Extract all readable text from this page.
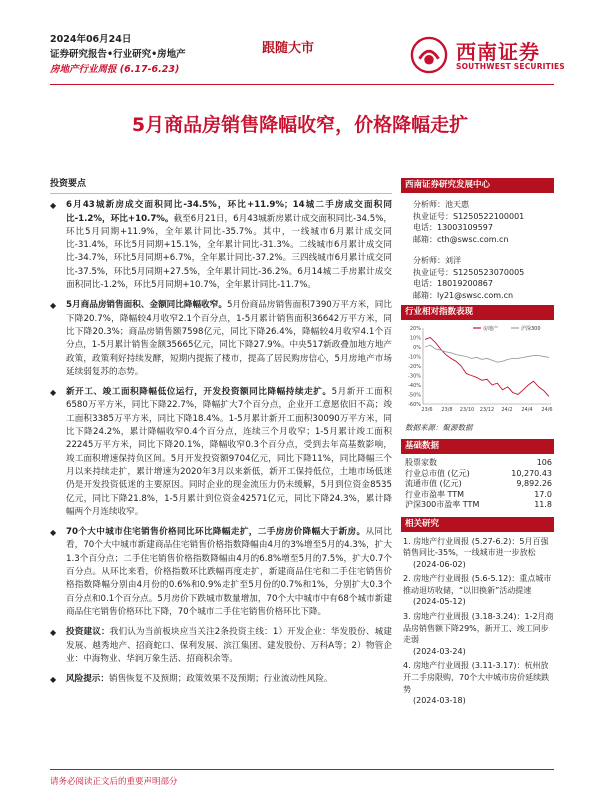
2024年06月24日
证券研究报告•行业研究•房地产
房地产行业周报 (6.17-6.23)
跟随大市	西南证券
SOUTHWEST SECURITIES
5月商品房销售降幅收窄，价格降幅走扩
投资要点
◆ 6月43城新房成交面积同比-34.5%，环比+11.9%；14城二手房成交面积同比-1.2%，环比+10.7%。截至6月21日，6月43城新房累计成交面积同比-34.5%，环比5月同期+11.9%，全年累计同比-35.7%。其中，一线城市6月累计成交同比-31.4%，环比5月同期+15.1%，全年累计同比-31.3%。二线城市6月累计成交同比-34.7%，环比5月同期+6.7%，全年累计同比-37.2%。三四线城市6月累计成交同比-37.5%，环比5月同期+27.5%，全年累计同比-36.2%。6月14城二手房累计成交面积同比-1.2%，环比5月同期+10.7%，全年累计同比-11.7%。
◆ 5月商品房销售面积、金额同比降幅收窄。5月份商品房销售面积7390万平方米，同比下降20.7%，降幅较4月收窄2.1个百分点，1-5月累计销售面积36642万平方米，同比下降20.3%；商品房销售额7598亿元，同比下降26.4%，降幅较4月收窄4.1个百分点，1-5月累计销售金额35665亿元，同比下降27.9%。中央517新政叠加地方地产政策，政策利好持续发酵，短期内提振了楼市，提高了居民购房信心，5月房地产市场延续弱复苏的态势。
◆ 新开工、竣工面积降幅低位运行，开发投资额同比降幅持续走扩。5月新开工面积6580万平方米，同比下降22.7%，降幅扩大7个百分点，企业开工意愿依旧不高；竣工面积3385万平方米，同比下降18.4%。1-5月累计新开工面积30090万平方米，同比下降24.2%，累计降幅收窄0.4个百分点，连续三个月收窄；1-5月累计竣工面积22245万平方米，同比下降20.1%，降幅收窄0.3个百分点，受到去年高基数影响，竣工面积增速保持负区间。5月开发投资额9704亿元，同比下降11%，同比降幅三个月以来持续走扩，累计增速为2020年3月以来新低，新开工保持低位，土地市场低迷仍是开发投资低迷的主要原因。同时企业的现金流压力仍未缓解，5月到位资金8535亿元，同比下降21.8%，1-5月累计到位资金42571亿元，同比下降24.3%，累计降幅两个月连续收窄。
◆ 70个大中城市住宅销售价格同比环比降幅走扩，二手房房价降幅大于新房。从同比看，70个大中城市新建商品住宅销售价格指数降幅由4月的3%增至5月的4.3%，扩大1.3个百分点；二手住宅销售价格指数降幅由4月的6.8%增至5月的7.5%，扩大0.7个百分点。从环比来看，价格指数环比跌幅再度走扩，新建商品住宅和二手住宅销售价格指数降幅分别由4月份的0.6%和0.9%走扩至5月份的0.7%和1%，分别扩大0.3个百分点和0.1个百分点。5月房价下跌城市数量增加，70个大中城市中有68个城市新建商品住宅销售价格环比下降，70个城市二手住宅销售价格环比下降。
◆ 投资建议：我们认为当前板块应当关注2条投资主线：1）开发企业：华发股份、城建发展、越秀地产、招商蛇口、保利发展、滨江集团、建发股份、万科A等；2）物管企业：中海物业、华润万象生活、招商积余等。
◆ 风险提示：销售恢复不及预期；政策效果不及预期；行业流动性风险。
西南证券研究发展中心
分析师：池天惠
执业证号：S1250522100001
电话：13003109597
邮箱：cth@swsc.com.cn
分析师：刘洋
执业证号：S1250523070005
电话：18019200867
邮箱：ly21@swsc.com.cn
行业相对指数表现
20%
10%
0%
-10%
-20%
-30%
-40%
-50%
-60%
23/6 23/8 23/10 23/12 24/2 24/4 24/6
房地产	沪深300
数据来源：聚源数据
基础数据
股票家数	106
行业总市值 (亿元)	10,270.43
流通市值 (亿元)	9,892.26
行业市盈率 TTM	17.0
沪深300市盈率 TTM	11.8
相关研究
1. 房地产行业周报 (5.27-6.2)：5月百强销售同比-35%，一线城市进一步放松
(2024-06-02)
2. 房地产行业周报 (5.6-5.12)：重点城市推动退坊收储，“以旧换新”活动提速
(2024-05-12)
3. 房地产行业周报 (3.18-3.24)：1-2月商品房销售额下降29%，新开工、竣工同步走弱
(2024-03-24)
4. 房地产行业周报 (3.11-3.17)：杭州放开二手房限购，70个大中城市房价延续跌势
(2024-03-18)
请务必阅读正文后的重要声明部分
